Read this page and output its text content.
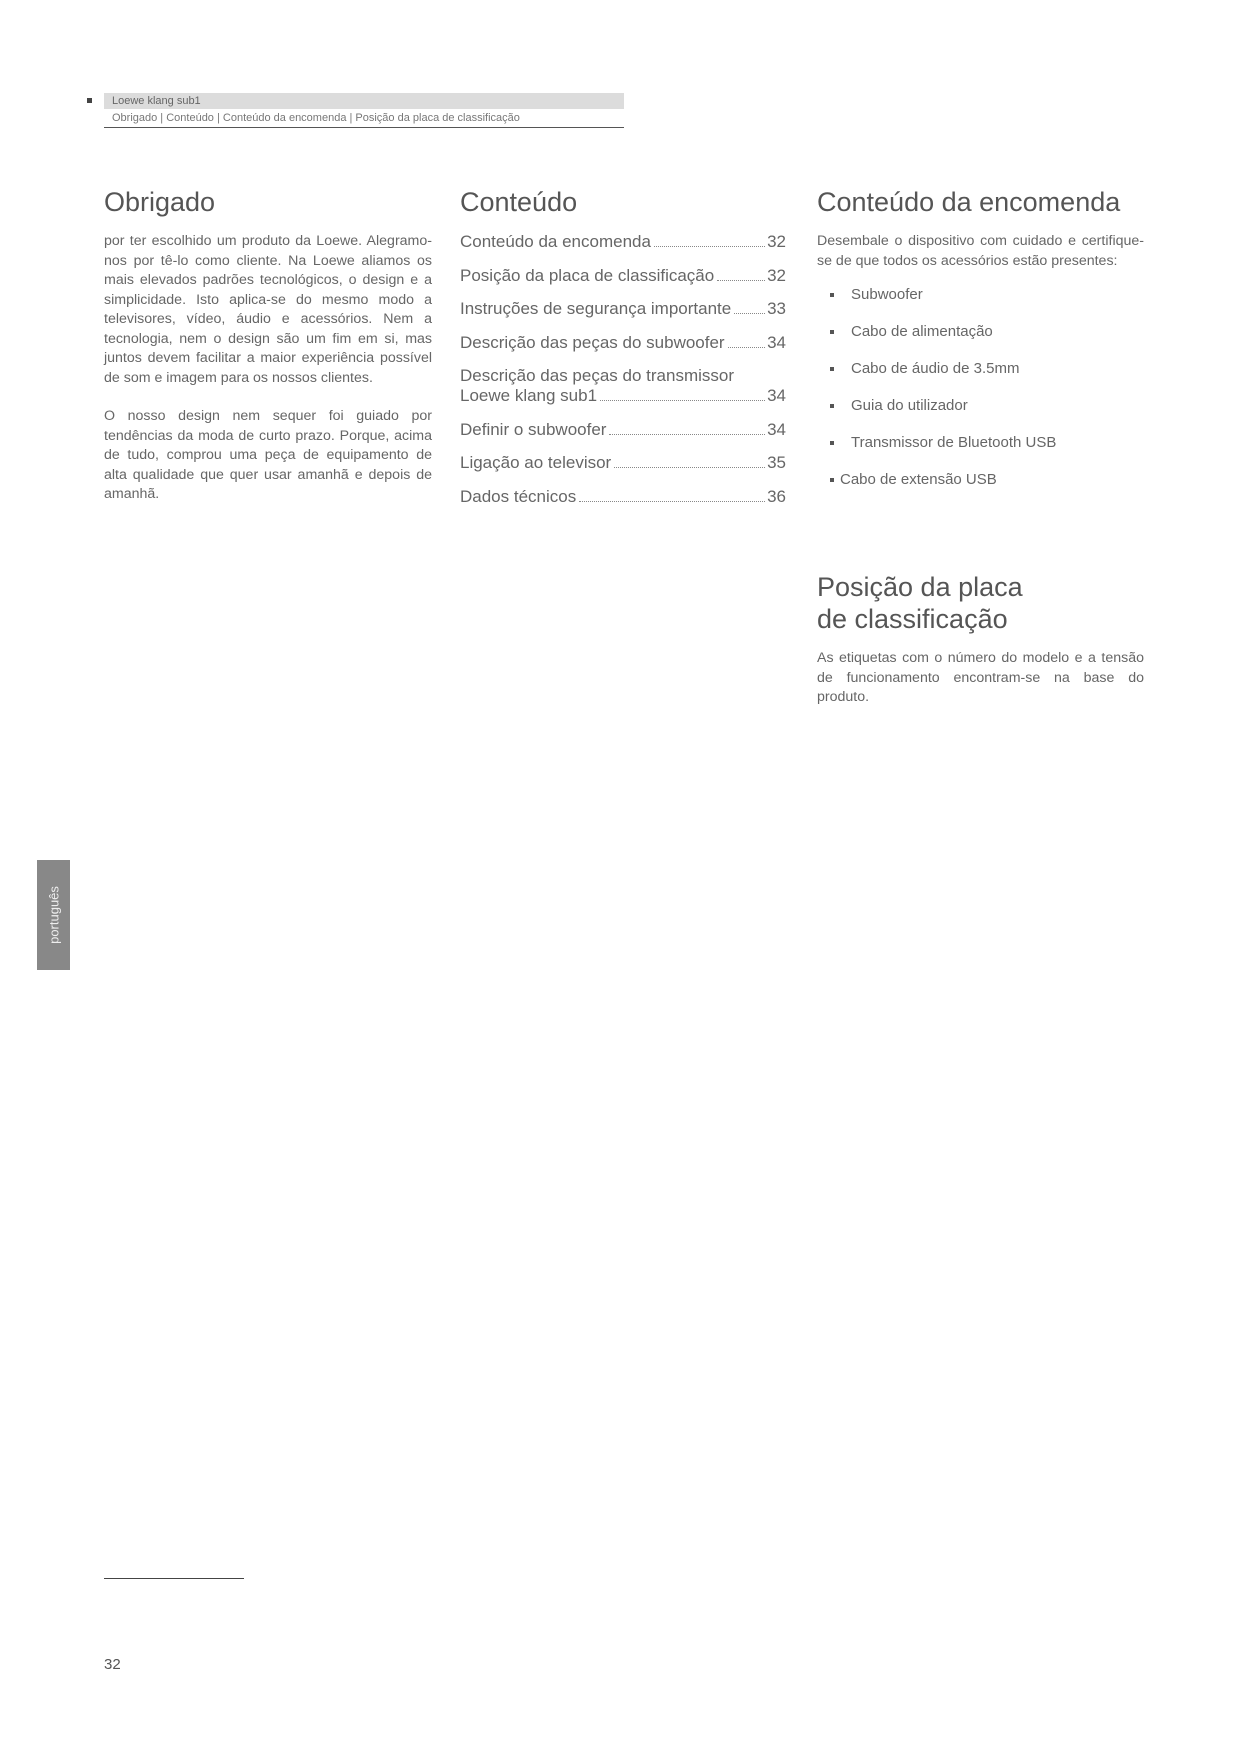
Loewe klang sub1
Obrigado | Conteúdo | Conteúdo da encomenda | Posição da placa de classificação
Obrigado

por ter escolhido um produto da Loewe. Alegramo-nos por tê-lo como cliente. Na Loewe aliamos os mais elevados padrões tecnológicos, o design e a simplicidade. Isto aplica-se do mesmo modo a televisores, vídeo, áudio e acessórios. Nem a tecnologia, nem o design são um fim em si, mas juntos devem facilitar a maior experiência possível de som e imagem para os nossos clientes.

O nosso design nem sequer foi guiado por tendências da moda de curto prazo. Porque, acima de tudo, comprou uma peça de equipamento de alta qualidade que quer usar amanhã e depois de amanhã.

Conteúdo
Conteúdo da encomenda	32
Posição da placa de classificação	32
Instruções de segurança importante 33
Descrição das peças do subwoofer 34
Descrição das peças do transmissor
Loewe klang sub1	34
Definir o subwoofer	34
Ligação ao televisor	35
Dados técnicos	36
Conteúdo da encomenda

Desembale o dispositivo com cuidado e certifique-se de que todos os acessórios estão presentes:

Subwoofer
Cabo de alimentação
Cabo de áudio de 3.5mm
Guia do utilizador
Transmissor de Bluetooth USB
Cabo de extensão USB
Posição da placa
de classificação

As etiquetas com o número do modelo e a tensão de funcionamento encontram-se na base do produto.

português
32
